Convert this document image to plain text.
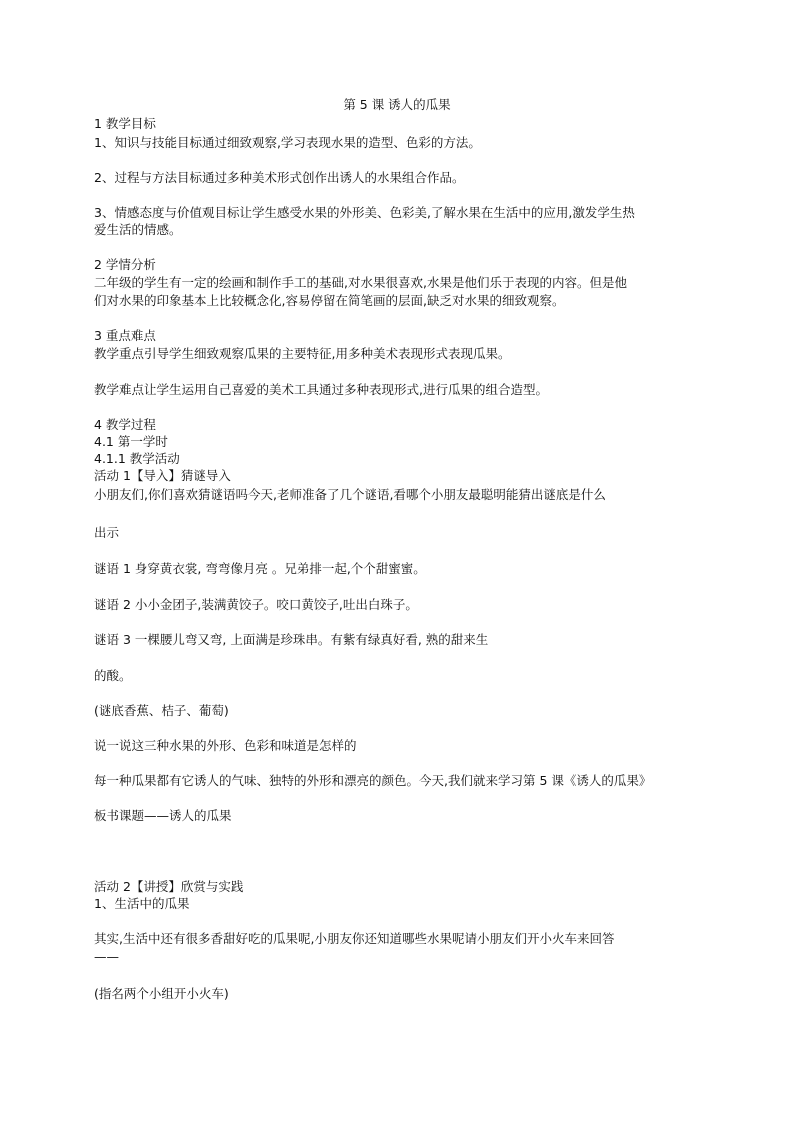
第 5 课 诱人的瓜果
1 教学目标
1、知识与技能目标通过细致观察,学习表现水果的造型、色彩的方法。
2、过程与方法目标通过多种美术形式创作出诱人的水果组合作品。
3、情感态度与价值观目标让学生感受水果的外形美、色彩美,了解水果在生活中的应用,激发学生热
爱生活的情感。
2 学情分析
二年级的学生有一定的绘画和制作手工的基础,对水果很喜欢,水果是他们乐于表现的内容。但是他
们对水果的印象基本上比较概念化,容易停留在简笔画的层面,缺乏对水果的细致观察。
3 重点难点
教学重点引导学生细致观察瓜果的主要特征,用多种美术表现形式表现瓜果。
教学难点让学生运用自己喜爱的美术工具通过多种表现形式,进行瓜果的组合造型。
4 教学过程
4.1 第一学时
4.1.1 教学活动
活动 1【导入】猜谜导入
小朋友们,你们喜欢猜谜语吗今天,老师准备了几个谜语,看哪个小朋友最聪明能猜出谜底是什么
出示
谜语 1 身穿黄衣裳, 弯弯像月亮 。兄弟排一起,个个甜蜜蜜。
谜语 2 小小金团子,装满黄饺子。咬口黄饺子,吐出白珠子。
谜语 3 一棵腰儿弯又弯, 上面满是珍珠串。有紫有绿真好看, 熟的甜来生
的酸。
(谜底香蕉、桔子、葡萄)
说一说这三种水果的外形、色彩和味道是怎样的
每一种瓜果都有它诱人的气味、独特的外形和漂亮的颜色。今天,我们就来学习第 5 课《诱人的瓜果》
板书课题——诱人的瓜果
活动 2【讲授】欣赏与实践
1、生活中的瓜果
其实,生活中还有很多香甜好吃的瓜果呢,小朋友你还知道哪些水果呢请小朋友们开小火车来回答
——
(指名两个小组开小火车)
